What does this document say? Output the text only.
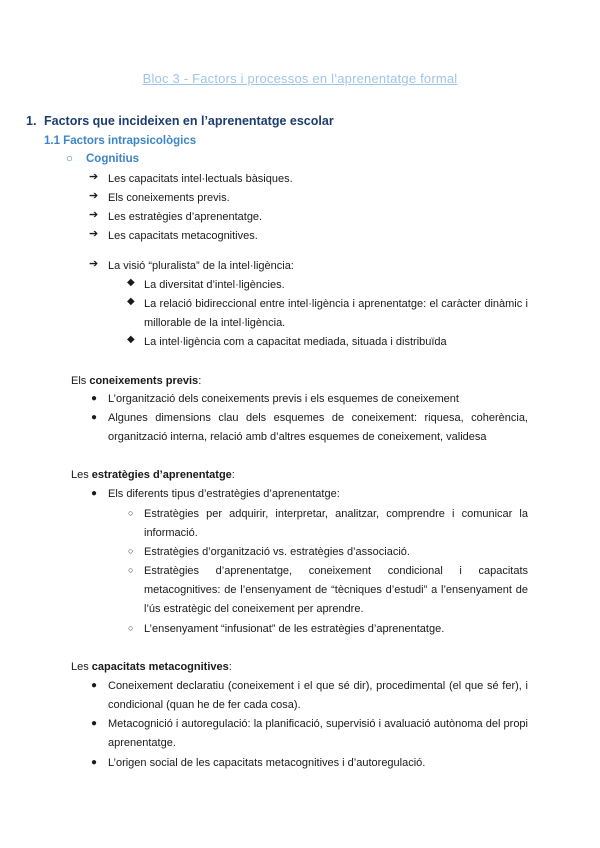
Bloc 3 - Factors i processos en l’aprenentatge formal
1. Factors que incideixen en l’aprenentatge escolar
1.1 Factors intrapsicològics
○ Cognitius
➔ Les capacitats intel·lectuals bàsiques.
➔ Els coneixements previs.
➔ Les estratègies d’aprenentatge.
➔ Les capacitats metacognitives.
➔ La visió “pluralista” de la intel·ligència:
◆ La diversitat d’intel·ligències.
◆ La relació bidireccional entre intel·ligència i aprenentatge: el caràcter dinàmic i millorable de la intel·ligència.
◆ La intel·ligència com a capacitat mediada, situada i distribuïda
Els coneixements previs:
● L’organització dels coneixements previs i els esquemes de coneixement
● Algunes dimensions clau dels esquemes de coneixement: riquesa, coherència, organització interna, relació amb d’altres esquemes de coneixement, validesa
Les estratègies d’aprenentatge:
● Els diferents tipus d’estratègies d’aprenentatge:
○ Estratègies per adquirir, interpretar, analitzar, comprendre i comunicar la informació.
○ Estratègies d’organització vs. estratègies d’associació.
○ Estratègies d’aprenentatge, coneixement condicional i capacitats metacognitives: de l’ensenyament de “tècniques d’estudi” a l’ensenyament de l’ús estratègic del coneixement per aprendre.
○ L’ensenyament “infusionat” de les estratègies d’aprenentatge.
Les capacitats metacognitives:
● Coneixement declaratiu (coneixement i el que sé dir), procedimental (el que sé fer), i condicional (quan he de fer cada cosa).
● Metacognició i autoregulació: la planificació, supervisió i avaluació autònoma del propi aprenentatge.
● L’origen social de les capacitats metacognitives i d’autoregulació.
